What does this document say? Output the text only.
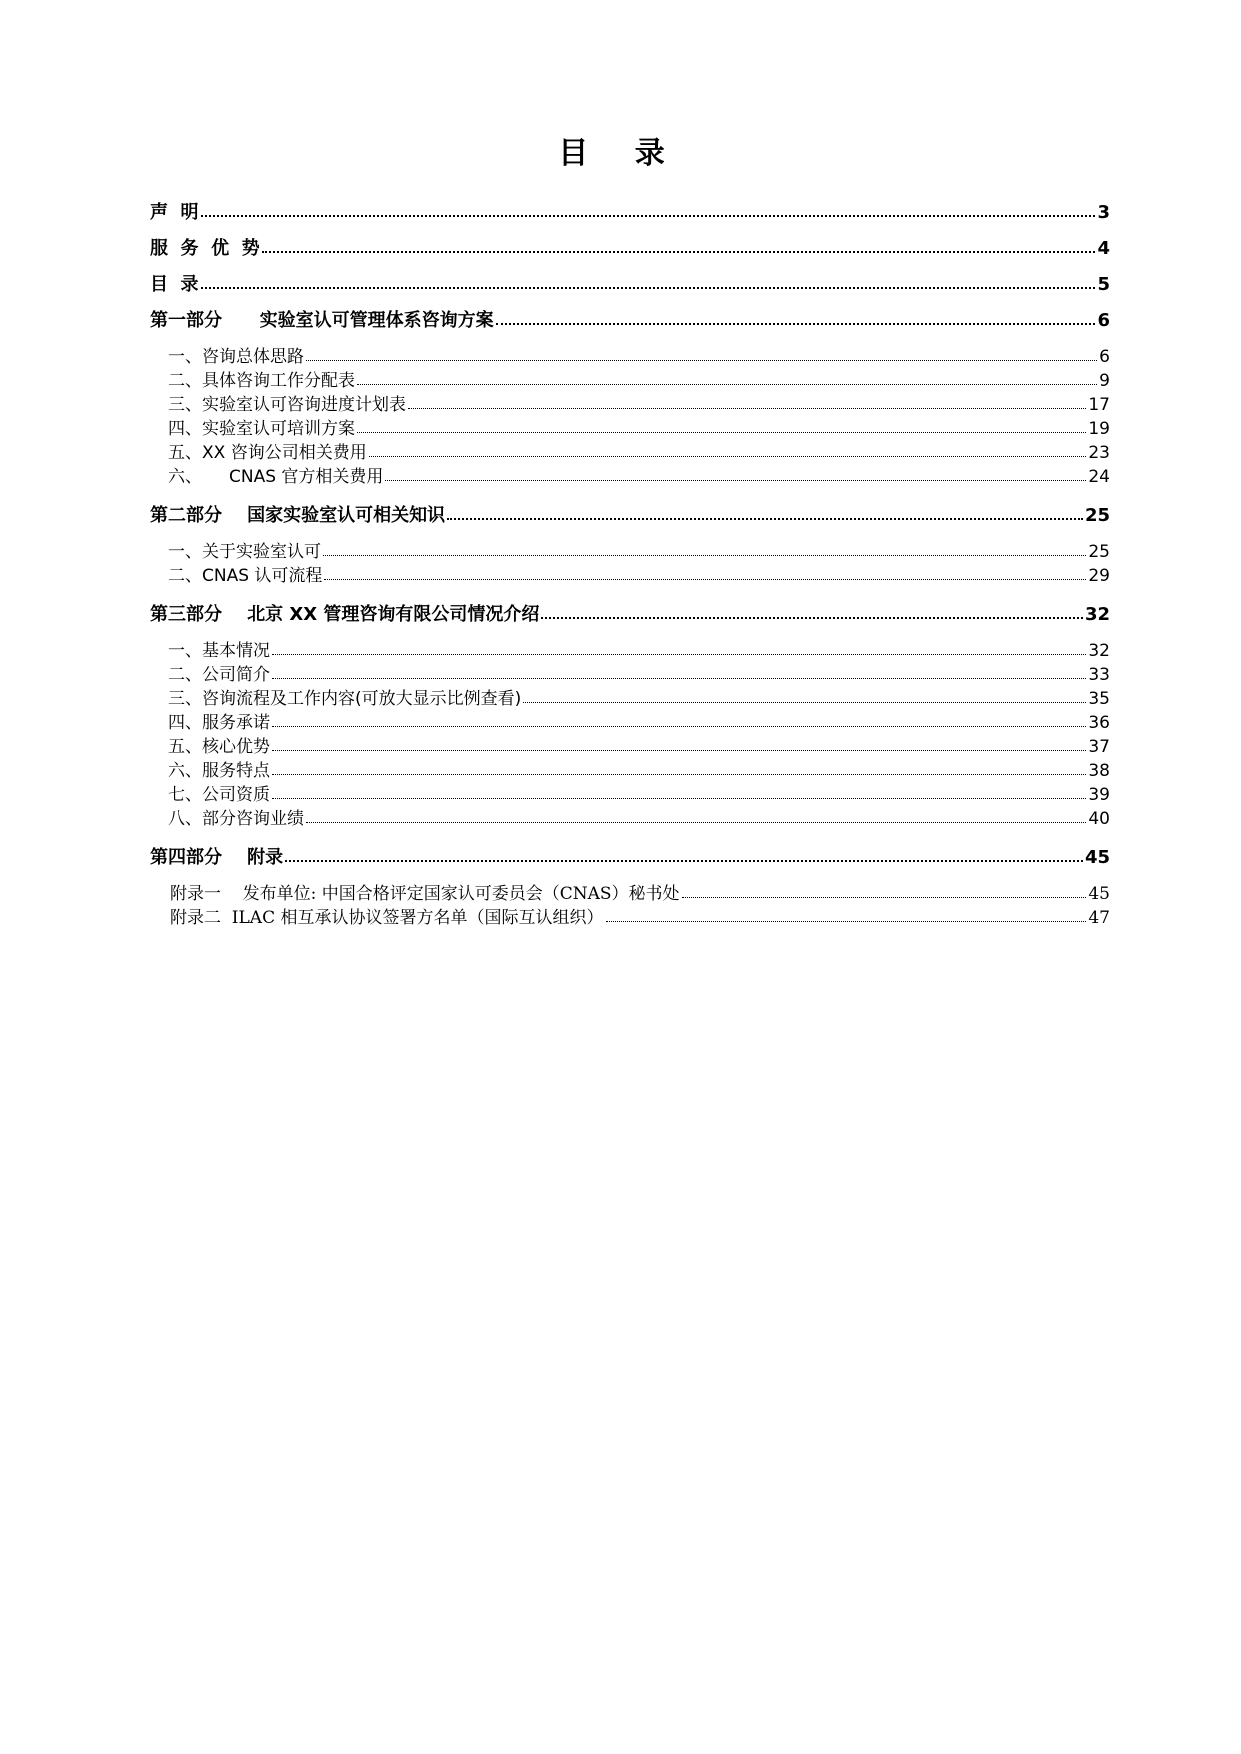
目 录
声  明	3
服  务  优  势	4
目  录	5
第一部分      实验室认可管理体系咨询方案	6
一、咨询总体思路	6
二、具体咨询工作分配表	9
三、实验室认可咨询进度计划表	17
四、实验室认可培训方案	19
五、XX 咨询公司相关费用	23
六、     CNAS 官方相关费用	24
第二部分    国家实验室认可相关知识	25
一、关于实验室认可	25
二、CNAS 认可流程	29
第三部分    北京 XX 管理咨询有限公司情况介绍	32
一、基本情况	32
二、公司简介	33
三、咨询流程及工作内容(可放大显示比例查看)	35
四、服务承诺	36
五、核心优势	37
六、服务特点	38
七、公司资质	39
八、部分咨询业绩	40
第四部分    附录	45
附录一    发布单位: 中国合格评定国家认可委员会（CNAS）秘书处	45
附录二  ILAC 相互承认协议签署方名单（国际互认组织）	47
